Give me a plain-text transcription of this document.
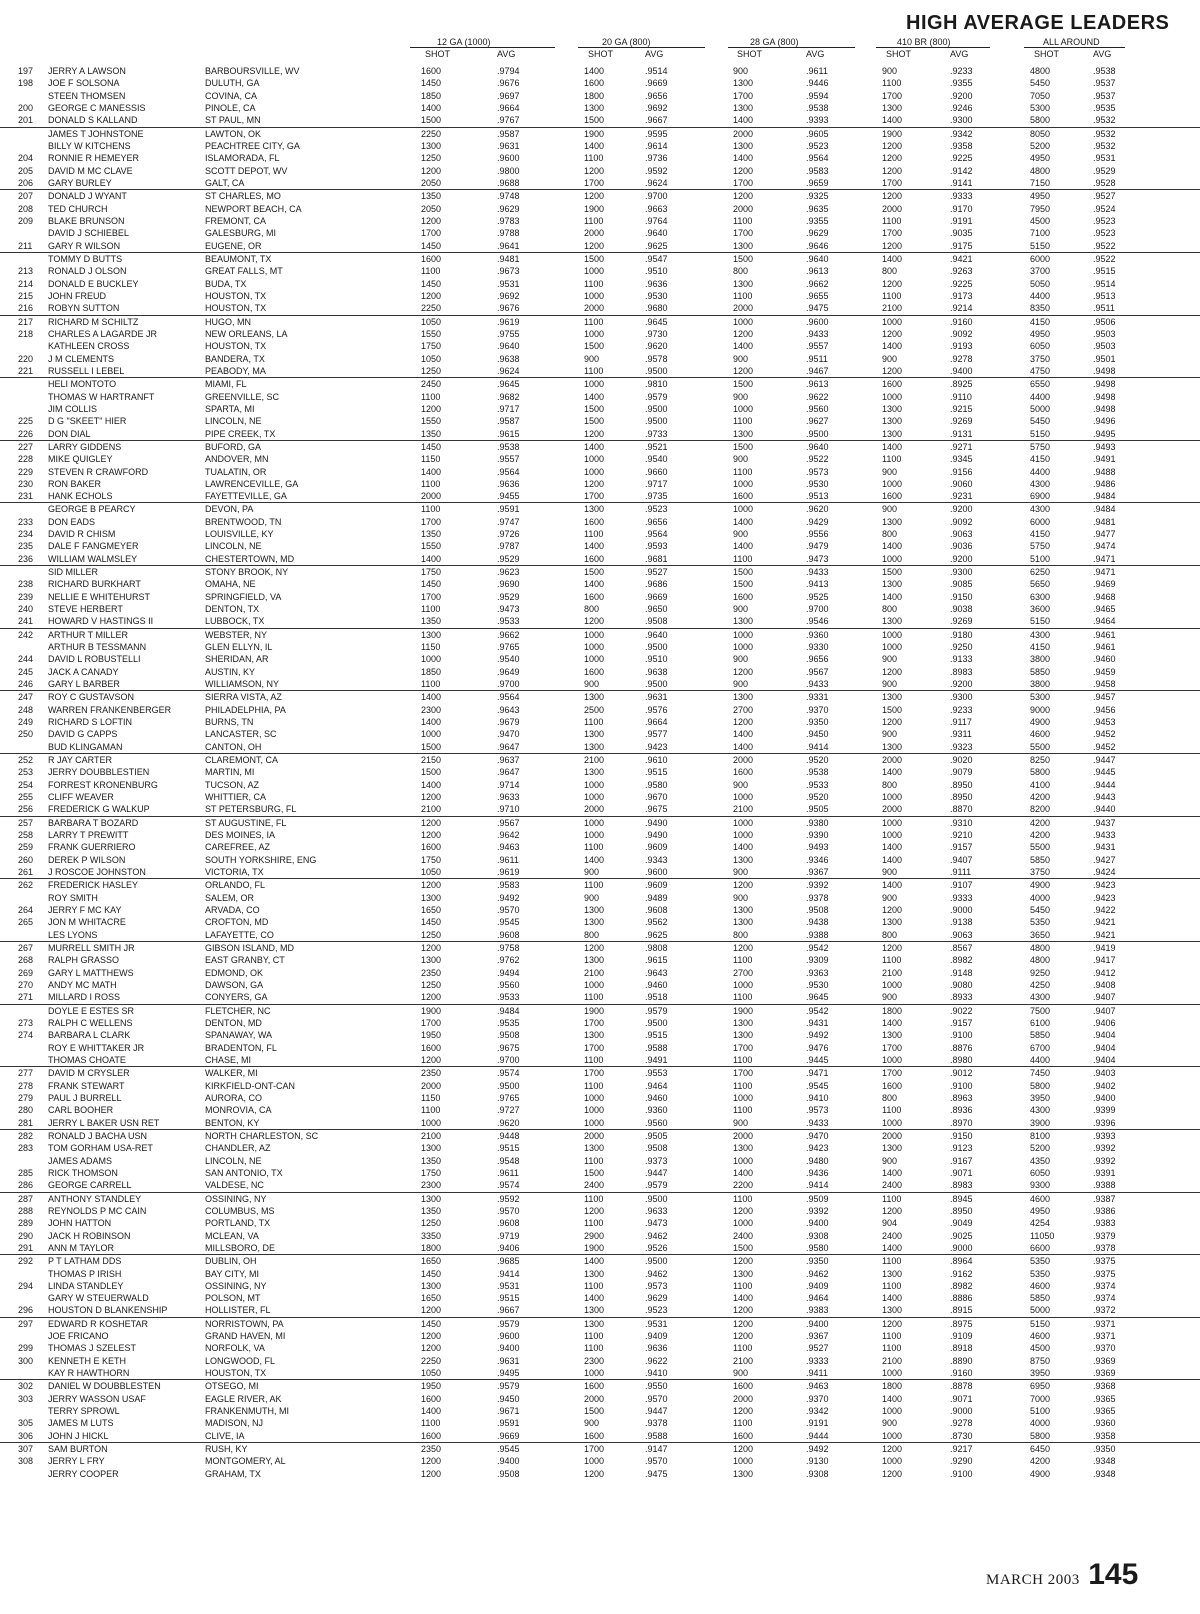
HIGH AVERAGE LEADERS
12 GA (1000)
SHOT	AVG
20 GA (800)
SHOT	AVG
28 GA (800)
SHOT	AVG
410 BR (800)
SHOT	AVG
ALL AROUND
SHOT	AVG
197	JERRY A LAWSON	BARBOURSVILLE, WV	1600	.9794	1400	.9514	900	.9611	900	.9233	4800	.9538
198	JOE F SOLSONA	DULUTH, GA	1450	.9676	1600	.9669	1300	.9446	1100	.9355	5450	.9537
STEEN THOMSEN	COVINA, CA	1850	.9697	1800	.9656	1700	.9594	1700	.9200	7050	.9537
200	GEORGE C MANESSIS	PINOLE, CA	1400	.9664	1300	.9692	1300	.9538	1300	.9246	5300	.9535
201	DONALD S KALLAND	ST PAUL, MN	1500	.9767	1500	.9667	1400	.9393	1400	.9300	5800	.9532
JAMES T JOHNSTONE	LAWTON, OK	2250	.9587	1900	.9595	2000	.9605	1900	.9342	8050	.9532
BILLY W KITCHENS	PEACHTREE CITY, GA	1300	.9631	1400	.9614	1300	.9523	1200	.9358	5200	.9532
204	RONNIE R HEMEYER	ISLAMORADA, FL	1250	.9600	1100	.9736	1400	.9564	1200	.9225	4950	.9531
205	DAVID M MC CLAVE	SCOTT DEPOT, WV	1200	.9800	1200	.9592	1200	.9583	1200	.9142	4800	.9529
206	GARY BURLEY	GALT, CA	2050	.9688	1700	.9624	1700	.9659	1700	.9141	7150	.9528
207	DONALD J WYANT	ST CHARLES, MO	1350	.9748	1200	.9700	1200	.9325	1200	.9333	4950	.9527
208	TED CHURCH	NEWPORT BEACH, CA	2050	.9629	1900	.9663	2000	.9635	2000	.9170	7950	.9524
209	BLAKE BRUNSON	FREMONT, CA	1200	.9783	1100	.9764	1100	.9355	1100	.9191	4500	.9523
DAVID J SCHIEBEL	GALESBURG, MI	1700	.9788	2000	.9640	1700	.9629	1700	.9035	7100	.9523
211	GARY R WILSON	EUGENE, OR	1450	.9641	1200	.9625	1300	.9646	1200	.9175	5150	.9522
TOMMY D BUTTS	BEAUMONT, TX	1600	.9481	1500	.9547	1500	.9640	1400	.9421	6000	.9522
213	RONALD J OLSON	GREAT FALLS, MT	1100	.9673	1000	.9510	800	.9613	800	.9263	3700	.9515
214	DONALD E BUCKLEY	BUDA, TX	1450	.9531	1100	.9636	1300	.9662	1200	.9225	5050	.9514
215	JOHN FREUD	HOUSTON, TX	1200	.9692	1000	.9530	1100	.9655	1100	.9173	4400	.9513
216	ROBYN SUTTON	HOUSTON, TX	2250	.9676	2000	.9680	2000	.9475	2100	.9214	8350	.9511
217	RICHARD M SCHILTZ	HUGO, MN	1050	.9619	1100	.9645	1000	.9600	1000	.9160	4150	.9506
218	CHARLES A LAGARDE JR	NEW ORLEANS, LA	1550	.9755	1000	.9730	1200	.9433	1200	.9092	4950	.9503
KATHLEEN CROSS	HOUSTON, TX	1750	.9640	1500	.9620	1400	.9557	1400	.9193	6050	.9503
220	J M CLEMENTS	BANDERA, TX	1050	.9638	900	.9578	900	.9511	900	.9278	3750	.9501
221	RUSSELL I LEBEL	PEABODY, MA	1250	.9624	1100	.9500	1200	.9467	1200	.9400	4750	.9498
HELI MONTOTO	MIAMI, FL	2450	.9645	1000	.9810	1500	.9613	1600	.8925	6550	.9498
THOMAS W HARTRANFT	GREENVILLE, SC	1100	.9682	1400	.9579	900	.9622	1000	.9110	4400	.9498
JIM COLLIS	SPARTA, MI	1200	.9717	1500	.9500	1000	.9560	1300	.9215	5000	.9498
225	D G "SKEET" HIER	LINCOLN, NE	1550	.9587	1500	.9500	1100	.9627	1300	.9269	5450	.9496
226	DON DIAL	PIPE CREEK, TX	1350	.9615	1200	.9733	1300	.9500	1300	.9131	5150	.9495
227	LARRY GIDDENS	BUFORD, GA	1450	.9538	1400	.9521	1500	.9640	1400	.9271	5750	.9493
228	MIKE QUIGLEY	ANDOVER, MN	1150	.9557	1000	.9540	900	.9522	1100	.9345	4150	.9491
229	STEVEN R CRAWFORD	TUALATIN, OR	1400	.9564	1000	.9660	1100	.9573	900	.9156	4400	.9488
230	RON BAKER	LAWRENCEVILLE, GA	1100	.9636	1200	.9717	1000	.9530	1000	.9060	4300	.9486
231	HANK ECHOLS	FAYETTEVILLE, GA	2000	.9455	1700	.9735	1600	.9513	1600	.9231	6900	.9484
GEORGE B PEARCY	DEVON, PA	1100	.9591	1300	.9523	1000	.9620	900	.9200	4300	.9484
233	DON EADS	BRENTWOOD, TN	1700	.9747	1600	.9656	1400	.9429	1300	.9092	6000	.9481
234	DAVID R CHISM	LOUISVILLE, KY	1350	.9726	1100	.9564	900	.9556	800	.9063	4150	.9477
235	DALE F FANGMEYER	LINCOLN, NE	1550	.9787	1400	.9593	1400	.9479	1400	.9036	5750	.9474
236	WILLIAM WALMSLEY	CHESTERTOWN, MD	1400	.9529	1600	.9681	1100	.9473	1000	.9200	5100	.9471
SID MILLER	STONY BROOK, NY	1750	.9623	1500	.9527	1500	.9433	1500	.9300	6250	.9471
238	RICHARD BURKHART	OMAHA, NE	1450	.9690	1400	.9686	1500	.9413	1300	.9085	5650	.9469
239	NELLIE E WHITEHURST	SPRINGFIELD, VA	1700	.9529	1600	.9669	1600	.9525	1400	.9150	6300	.9468
240	STEVE HERBERT	DENTON, TX	1100	.9473	800	.9650	900	.9700	800	.9038	3600	.9465
241	HOWARD V HASTINGS II	LUBBOCK, TX	1350	.9533	1200	.9508	1300	.9546	1300	.9269	5150	.9464
242	ARTHUR T MILLER	WEBSTER, NY	1300	.9662	1000	.9640	1000	.9360	1000	.9180	4300	.9461
ARTHUR B TESSMANN	GLEN ELLYN, IL	1150	.9765	1000	.9500	1000	.9330	1000	.9250	4150	.9461
244	DAVID L ROBUSTELLI	SHERIDAN, AR	1000	.9540	1000	.9510	900	.9656	900	.9133	3800	.9460
245	JACK A CANADY	AUSTIN, KY	1850	.9649	1600	.9638	1200	.9567	1200	.8983	5850	.9459
246	GARY L BARBER	WILLIAMSON, NY	1100	.9700	900	.9500	900	.9433	900	.9200	3800	.9458
247	ROY C GUSTAVSON	SIERRA VISTA, AZ	1400	.9564	1300	.9631	1300	.9331	1300	.9300	5300	.9457
248	WARREN FRANKENBERGER	PHILADELPHIA, PA	2300	.9643	2500	.9576	2700	.9370	1500	.9233	9000	.9456
249	RICHARD S LOFTIN	BURNS, TN	1400	.9679	1100	.9664	1200	.9350	1200	.9117	4900	.9453
250	DAVID G CAPPS	LANCASTER, SC	1000	.9470	1300	.9577	1400	.9450	900	.9311	4600	.9452
BUD KLINGAMAN	CANTON, OH	1500	.9647	1300	.9423	1400	.9414	1300	.9323	5500	.9452
252	R JAY CARTER	CLAREMONT, CA	2150	.9637	2100	.9610	2000	.9520	2000	.9020	8250	.9447
253	JERRY DOUBBLESTIEN	MARTIN, MI	1500	.9647	1300	.9515	1600	.9538	1400	.9079	5800	.9445
254	FORREST KRONENBURG	TUCSON, AZ	1400	.9714	1000	.9580	900	.9533	800	.8950	4100	.9444
255	CLIFF WEAVER	WHITTIER, CA	1200	.9633	1000	.9670	1000	.9520	1000	.8950	4200	.9443
256	FREDERICK G WALKUP	ST PETERSBURG, FL	2100	.9710	2000	.9675	2100	.9505	2000	.8870	8200	.9440
257	BARBARA T BOZARD	ST AUGUSTINE, FL	1200	.9567	1000	.9490	1000	.9380	1000	.9310	4200	.9437
258	LARRY T PREWITT	DES MOINES, IA	1200	.9642	1000	.9490	1000	.9390	1000	.9210	4200	.9433
259	FRANK GUERRIERO	CAREFREE, AZ	1600	.9463	1100	.9609	1400	.9493	1400	.9157	5500	.9431
260	DEREK P WILSON	SOUTH YORKSHIRE, ENG	1750	.9611	1400	.9343	1300	.9346	1400	.9407	5850	.9427
261	J ROSCOE JOHNSTON	VICTORIA, TX	1050	.9619	900	.9600	900	.9367	900	.9111	3750	.9424
262	FREDERICK HASLEY	ORLANDO, FL	1200	.9583	1100	.9609	1200	.9392	1400	.9107	4900	.9423
ROY SMITH	SALEM, OR	1300	.9492	900	.9489	900	.9378	900	.9333	4000	.9423
264	JERRY F MC KAY	ARVADA, CO	1650	.9570	1300	.9608	1300	.9508	1200	.9000	5450	.9422
265	JON M WHITACRE	CROFTON, MD	1450	.9545	1300	.9562	1300	.9438	1300	.9138	5350	.9421
LES LYONS	LAFAYETTE, CO	1250	.9608	800	.9625	800	.9388	800	.9063	3650	.9421
267	MURRELL SMITH JR	GIBSON ISLAND, MD	1200	.9758	1200	.9808	1200	.9542	1200	.8567	4800	.9419
268	RALPH GRASSO	EAST GRANBY, CT	1300	.9762	1300	.9615	1100	.9309	1100	.8982	4800	.9417
269	GARY L MATTHEWS	EDMOND, OK	2350	.9494	2100	.9643	2700	.9363	2100	.9148	9250	.9412
270	ANDY MC MATH	DAWSON, GA	1250	.9560	1000	.9460	1000	.9530	1000	.9080	4250	.9408
271	MILLARD I ROSS	CONYERS, GA	1200	.9533	1100	.9518	1100	.9645	900	.8933	4300	.9407
DOYLE E ESTES SR	FLETCHER, NC	1900	.9484	1900	.9579	1900	.9542	1800	.9022	7500	.9407
273	RALPH C WELLENS	DENTON, MD	1700	.9535	1700	.9500	1300	.9431	1400	.9157	6100	.9406
274	BARBARA L CLARK	SPANAWAY, WA	1950	.9508	1300	.9515	1300	.9492	1300	.9100	5850	.9404
ROY E WHITTAKER JR	BRADENTON, FL	1600	.9675	1700	.9588	1700	.9476	1700	.8876	6700	.9404
THOMAS CHOATE	CHASE, MI	1200	.9700	1100	.9491	1100	.9445	1000	.8980	4400	.9404
277	DAVID M CRYSLER	WALKER, MI	2350	.9574	1700	.9553	1700	.9471	1700	.9012	7450	.9403
278	FRANK STEWART	KIRKFIELD-ONT-CAN	2000	.9500	1100	.9464	1100	.9545	1600	.9100	5800	.9402
279	PAUL J BURRELL	AURORA, CO	1150	.9765	1000	.9460	1000	.9410	800	.8963	3950	.9400
280	CARL BOOHER	MONROVIA, CA	1100	.9727	1000	.9360	1100	.9573	1100	.8936	4300	.9399
281	JERRY L BAKER USN RET	BENTON, KY	1000	.9620	1000	.9560	900	.9433	1000	.8970	3900	.9396
282	RONALD J BACHA USN	NORTH CHARLESTON, SC	2100	.9448	2000	.9505	2000	.9470	2000	.9150	8100	.9393
283	TOM GORHAM USA-RET	CHANDLER, AZ	1300	.9515	1300	.9508	1300	.9423	1300	.9123	5200	.9392
JAMES ADAMS	LINCOLN, NE	1350	.9548	1100	.9373	1000	.9480	900	.9167	4350	.9392
285	RICK THOMSON	SAN ANTONIO, TX	1750	.9611	1500	.9447	1400	.9436	1400	.9071	6050	.9391
286	GEORGE CARRELL	VALDESE, NC	2300	.9574	2400	.9579	2200	.9414	2400	.8983	9300	.9388
287	ANTHONY STANDLEY	OSSINING, NY	1300	.9592	1100	.9500	1100	.9509	1100	.8945	4600	.9387
288	REYNOLDS P MC CAIN	COLUMBUS, MS	1350	.9570	1200	.9633	1200	.9392	1200	.8950	4950	.9386
289	JOHN HATTON	PORTLAND, TX	1250	.9608	1100	.9473	1000	.9400	904	.9049	4254	.9383
290	JACK H ROBINSON	MCLEAN, VA	3350	.9719	2900	.9462	2400	.9308	2400	.9025	11050	.9379
291	ANN M TAYLOR	MILLSBORO, DE	1800	.9406	1900	.9526	1500	.9580	1400	.9000	6600	.9378
292	P T LATHAM DDS	DUBLIN, OH	1650	.9685	1400	.9500	1200	.9350	1100	.8964	5350	.9375
THOMAS P IRISH	BAY CITY, MI	1450	.9414	1300	.9462	1300	.9462	1300	.9162	5350	.9375
294	LINDA STANDLEY	OSSINING, NY	1300	.9531	1100	.9573	1100	.9409	1100	.8982	4600	.9374
GARY W STEUERWALD	POLSON, MT	1650	.9515	1400	.9629	1400	.9464	1400	.8886	5850	.9374
296	HOUSTON D BLANKENSHIP	HOLLISTER, FL	1200	.9667	1300	.9523	1200	.9383	1300	.8915	5000	.9372
297	EDWARD R KOSHETAR	NORRISTOWN, PA	1450	.9579	1300	.9531	1200	.9400	1200	.8975	5150	.9371
JOE FRICANO	GRAND HAVEN, MI	1200	.9600	1100	.9409	1200	.9367	1100	.9109	4600	.9371
299	THOMAS J SZELEST	NORFOLK, VA	1200	.9400	1100	.9636	1100	.9527	1100	.8918	4500	.9370
300	KENNETH E KETH	LONGWOOD, FL	2250	.9631	2300	.9622	2100	.9333	2100	.8890	8750	.9369
KAY R HAWTHORN	HOUSTON, TX	1050	.9495	1000	.9410	900	.9411	1000	.9160	3950	.9369
302	DANIEL W DOUBBLESTEN	OTSEGO, MI	1950	.9579	1600	.9550	1600	.9463	1800	.8878	6950	.9368
303	JERRY WASSON USAF	EAGLE RIVER, AK	1600	.9450	2000	.9570	2000	.9370	1400	.9071	7000	.9365
TERRY SPROWL	FRANKENMUTH, MI	1400	.9671	1500	.9447	1200	.9342	1000	.9000	5100	.9365
305	JAMES M LUTS	MADISON, NJ	1100	.9591	900	.9378	1100	.9191	900	.9278	4000	.9360
306	JOHN J HICKL	CLIVE, IA	1600	.9669	1600	.9588	1600	.9444	1000	.8730	5800	.9358
307	SAM BURTON	RUSH, KY	2350	.9545	1700	.9147	1200	.9492	1200	.9217	6450	.9350
308	JERRY L FRY	MONTGOMERY, AL	1200	.9400	1000	.9570	1000	.9130	1000	.9290	4200	.9348
JERRY COOPER	GRAHAM, TX	1200	.9508	1200	.9475	1300	.9308	1200	.9100	4900	.9348
MARCH 2003 145
